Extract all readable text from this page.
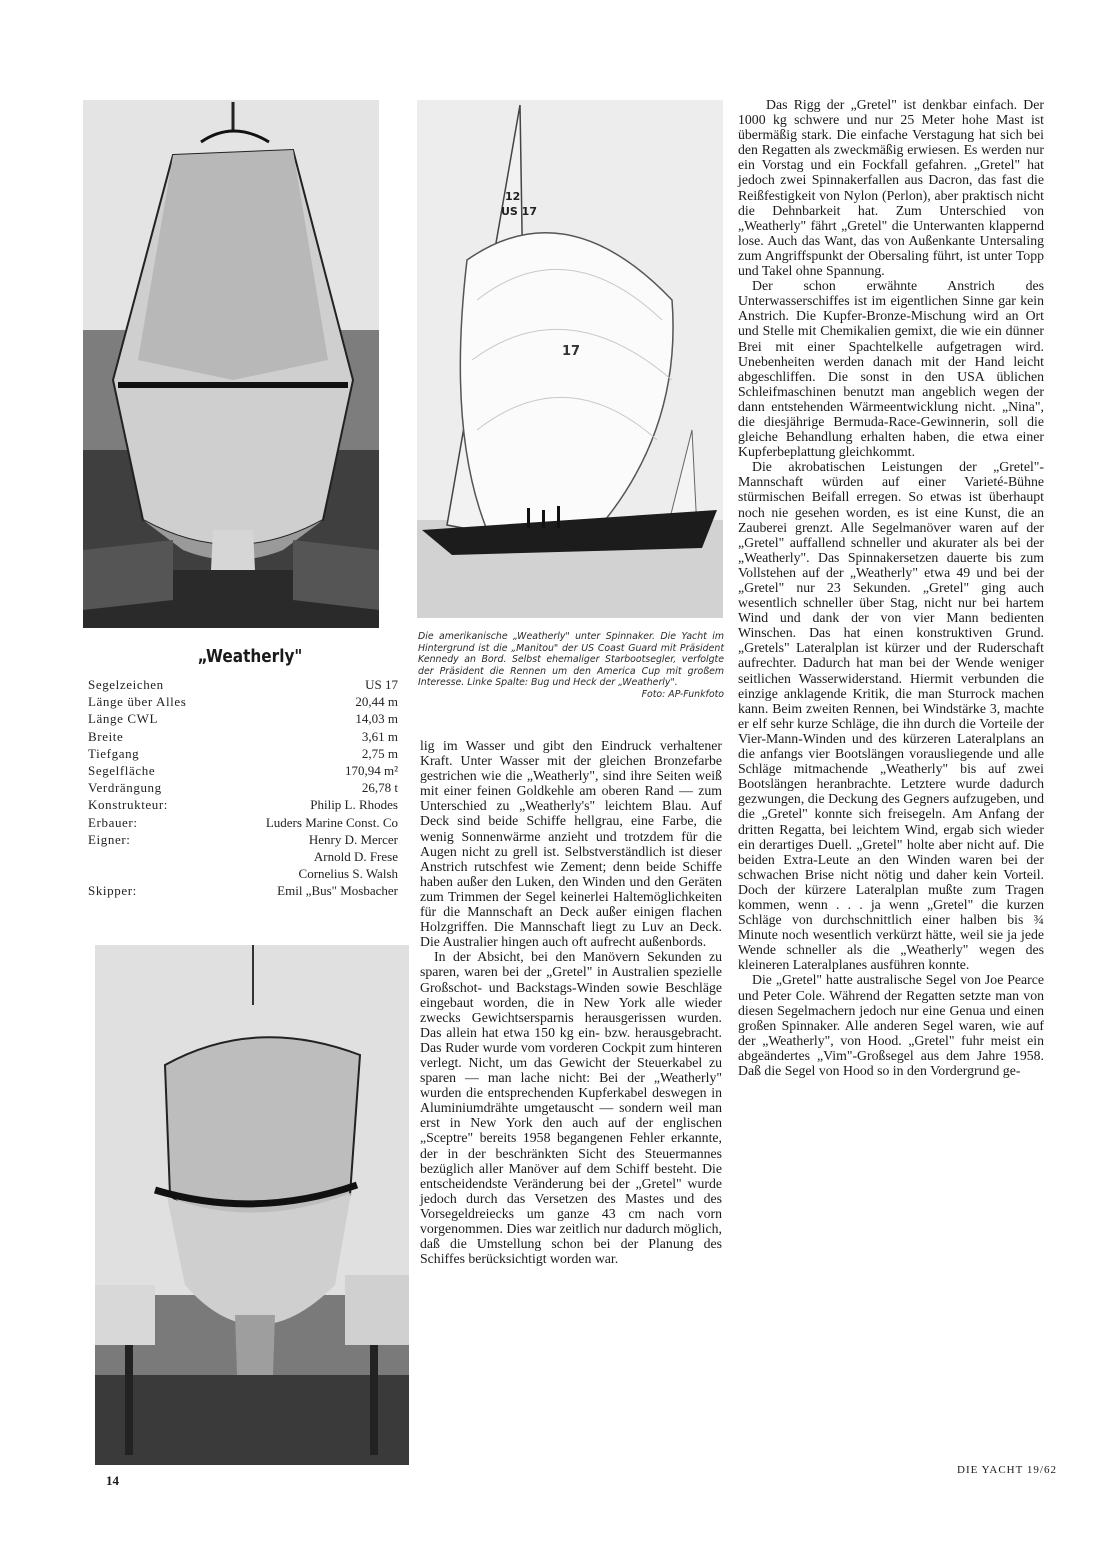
12
US 17
17
„Weatherly"
Segelzeichen	US 17
Länge über Alles	20,44 m
Länge CWL	14,03 m
Breite	3,61 m
Tiefgang	2,75 m
Segelfläche	170,94 m²
Verdrängung	26,78 t
Konstrukteur:	Philip L. Rhodes
Erbauer:	Luders Marine Const. Co
Eigner:	Henry D. Mercer
Arnold D. Frese
Cornelius S. Walsh
Skipper:	Emil „Bus" Mosbacher
Die amerikanische „Weatherly" unter Spinnaker. Die Yacht im Hintergrund ist die „Manitou" der US Coast Guard mit Präsident Kennedy an Bord. Selbst ehemaliger Starbootsegler, verfolgte der Präsident die Rennen um den America Cup mit großem Interesse. Linke Spalte: Bug und Heck der „Weatherly".
Foto: AP-Funkfoto

lig im Wasser und gibt den Eindruck verhaltener Kraft. Unter Wasser mit der gleichen Bronzefarbe gestrichen wie die „Weatherly", sind ihre Seiten weiß mit einer feinen Goldkehle am oberen Rand — zum Unterschied zu „Weatherly's" leichtem Blau. Auf Deck sind beide Schiffe hellgrau, eine Farbe, die wenig Sonnenwärme anzieht und trotzdem für die Augen nicht zu grell ist. Selbstverständlich ist dieser Anstrich rutschfest wie Zement; denn beide Schiffe haben außer den Luken, den Winden und den Geräten zum Trimmen der Segel keinerlei Haltemöglichkeiten für die Mannschaft an Deck außer einigen flachen Holzgriffen. Die Mannschaft liegt zu Luv an Deck. Die Australier hingen auch oft aufrecht außenbords.

In der Absicht, bei den Manövern Sekunden zu sparen, waren bei der „Gretel" in Australien spezielle Großschot- und Backstags-Winden sowie Beschläge eingebaut worden, die in New York alle wieder zwecks Gewichtsersparnis herausgerissen wurden. Das allein hat etwa 150 kg ein- bzw. herausgebracht. Das Ruder wurde vom vorderen Cockpit zum hinteren verlegt. Nicht, um das Gewicht der Steuerkabel zu sparen — man lache nicht: Bei der „Weatherly" wurden die entsprechenden Kupferkabel deswegen in Aluminiumdrähte umgetauscht — sondern weil man erst in New York den auch auf der englischen „Sceptre" bereits 1958 begangenen Fehler erkannte, der in der beschränkten Sicht des Steuermannes bezüglich aller Manöver auf dem Schiff besteht. Die entscheidendste Veränderung bei der „Gretel" wurde jedoch durch das Versetzen des Mastes und des Vorsegeldreiecks um ganze 43 cm nach vorn vorgenommen. Dies war zeitlich nur dadurch möglich, daß die Umstellung schon bei der Planung des Schiffes berücksichtigt worden war.

Das Rigg der „Gretel" ist denkbar einfach. Der 1000 kg schwere und nur 25 Meter hohe Mast ist übermäßig stark. Die einfache Verstagung hat sich bei den Regatten als zweckmäßig erwiesen. Es werden nur ein Vorstag und ein Fockfall gefahren. „Gretel" hat jedoch zwei Spinnakerfallen aus Dacron, das fast die Reißfestigkeit von Nylon (Perlon), aber praktisch nicht die Dehnbarkeit hat. Zum Unterschied von „Weatherly" fährt „Gretel" die Unterwanten klappernd lose. Auch das Want, das von Außenkante Untersaling zum Angriffspunkt der Obersaling führt, ist unter Topp und Takel ohne Spannung.

Der schon erwähnte Anstrich des Unterwasserschiffes ist im eigentlichen Sinne gar kein Anstrich. Die Kupfer-Bronze-Mischung wird an Ort und Stelle mit Chemikalien gemixt, die wie ein dünner Brei mit einer Spachtelkelle aufgetragen wird. Unebenheiten werden danach mit der Hand leicht abgeschliffen. Die sonst in den USA üblichen Schleifmaschinen benutzt man angeblich wegen der dann entstehenden Wärmeentwicklung nicht. „Nina", die diesjährige Bermuda-Race-Gewinnerin, soll die gleiche Behandlung erhalten haben, die etwa einer Kupferbeplattung gleichkommt.

Die akrobatischen Leistungen der „Gretel"-Mannschaft würden auf einer Varieté-Bühne stürmischen Beifall erregen. So etwas ist überhaupt noch nie gesehen worden, es ist eine Kunst, die an Zauberei grenzt. Alle Segelmanöver waren auf der „Gretel" auffallend schneller und akurater als bei der „Weatherly". Das Spinnakersetzen dauerte bis zum Vollstehen auf der „Weatherly" etwa 49 und bei der „Gretel" nur 23 Sekunden. „Gretel" ging auch wesentlich schneller über Stag, nicht nur bei hartem Wind und dank der von vier Mann bedienten Winschen. Das hat einen konstruktiven Grund. „Gretels" Lateralplan ist kürzer und der Ruderschaft aufrechter. Dadurch hat man bei der Wende weniger seitlichen Wasserwiderstand. Hiermit verbunden die einzige anklagende Kritik, die man Sturrock machen kann. Beim zweiten Rennen, bei Windstärke 3, machte er elf sehr kurze Schläge, die ihn durch die Vorteile der Vier-Mann-Winden und des kürzeren Lateralplans an die anfangs vier Bootslängen vorausliegende und alle Schläge mitmachende „Weatherly" bis auf zwei Bootslängen heranbrachte. Letztere wurde dadurch gezwungen, die Deckung des Gegners aufzugeben, und die „Gretel" konnte sich freisegeln. Am Anfang der dritten Regatta, bei leichtem Wind, ergab sich wieder ein derartiges Duell. „Gretel" holte aber nicht auf. Die beiden Extra-Leute an den Winden waren bei der schwachen Brise nicht nötig und daher kein Vorteil. Doch der kürzere Lateralplan mußte zum Tragen kommen, wenn . . . ja wenn „Gretel" die kurzen Schläge von durchschnittlich einer halben bis ¾ Minute noch wesentlich verkürzt hätte, weil sie ja jede Wende schneller als die „Weatherly" wegen des kleineren Lateralplanes ausführen konnte.

Die „Gretel" hatte australische Segel von Joe Pearce und Peter Cole. Während der Regatten setzte man von diesen Segelmachern jedoch nur eine Genua und einen großen Spinnaker. Alle anderen Segel waren, wie auf der „Weatherly", von Hood. „Gretel" fuhr meist ein abgeändertes „Vim"-Großsegel aus dem Jahre 1958. Daß die Segel von Hood so in den Vordergrund ge-

14
DIE YACHT 19/62
